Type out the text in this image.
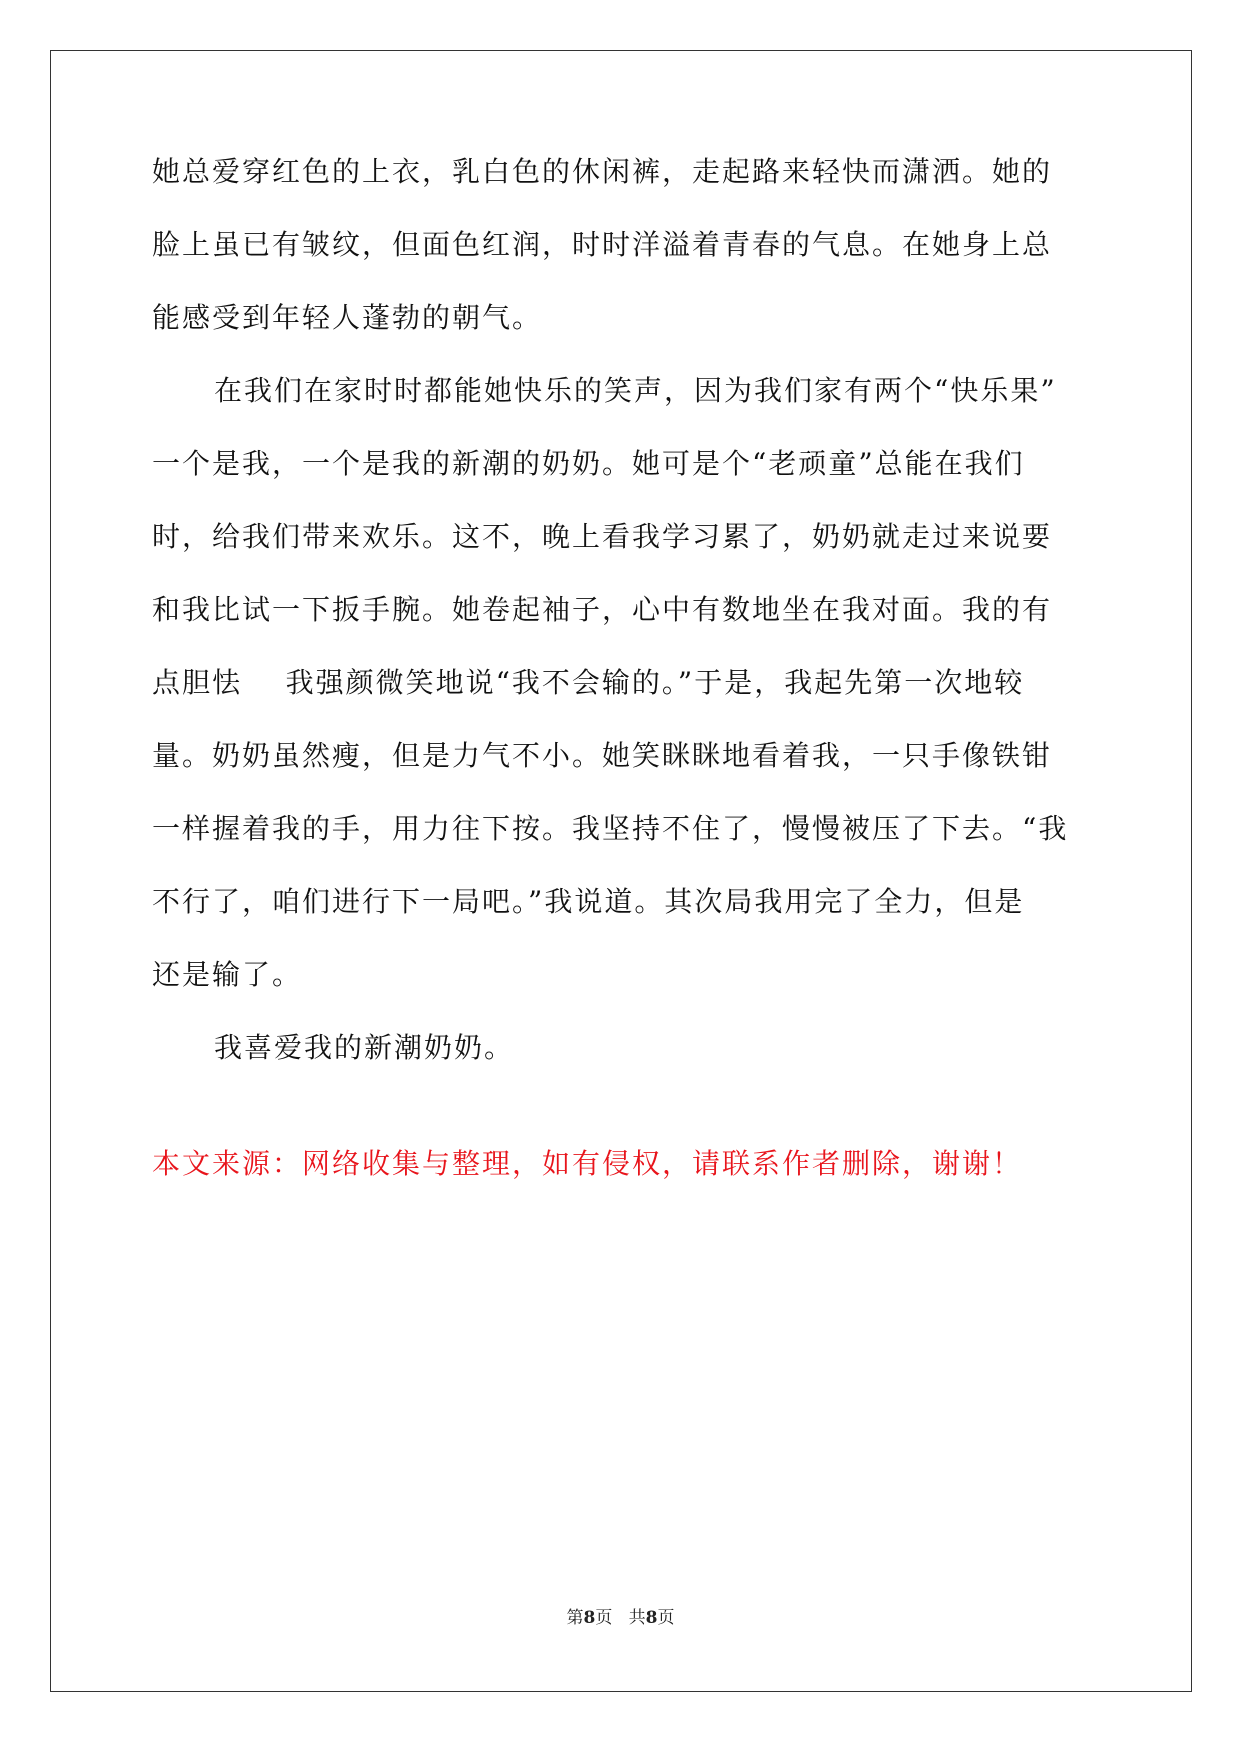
她总爱穿红色的上衣，乳白色的休闲裤，走起路来轻快而潇洒。她的
脸上虽已有皱纹，但面色红润，时时洋溢着青春的气息。在她身上总
能感受到年轻人蓬勃的朝气。
在我们在家时时都能她快乐的笑声，因为我们家有两个“快乐果”
一个是我，一个是我的新潮的奶奶。她可是个“老顽童”总能在我们
时，给我们带来欢乐。这不，晚上看我学习累了，奶奶就走过来说要
和我比试一下扳手腕。她卷起袖子，心中有数地坐在我对面。我的有
点胆怯    我强颜微笑地说“我不会输的。”于是，我起先第一次地较
量。奶奶虽然瘦，但是力气不小。她笑眯眯地看着我，一只手像铁钳
一样握着我的手，用力往下按。我坚持不住了，慢慢被压了下去。“我
不行了，咱们进行下一局吧。”我说道。其次局我用完了全力，但是
还是输了。
我喜爱我的新潮奶奶。
本文来源：网络收集与整理，如有侵权，请联系作者删除，谢谢！
第8页 共8页
